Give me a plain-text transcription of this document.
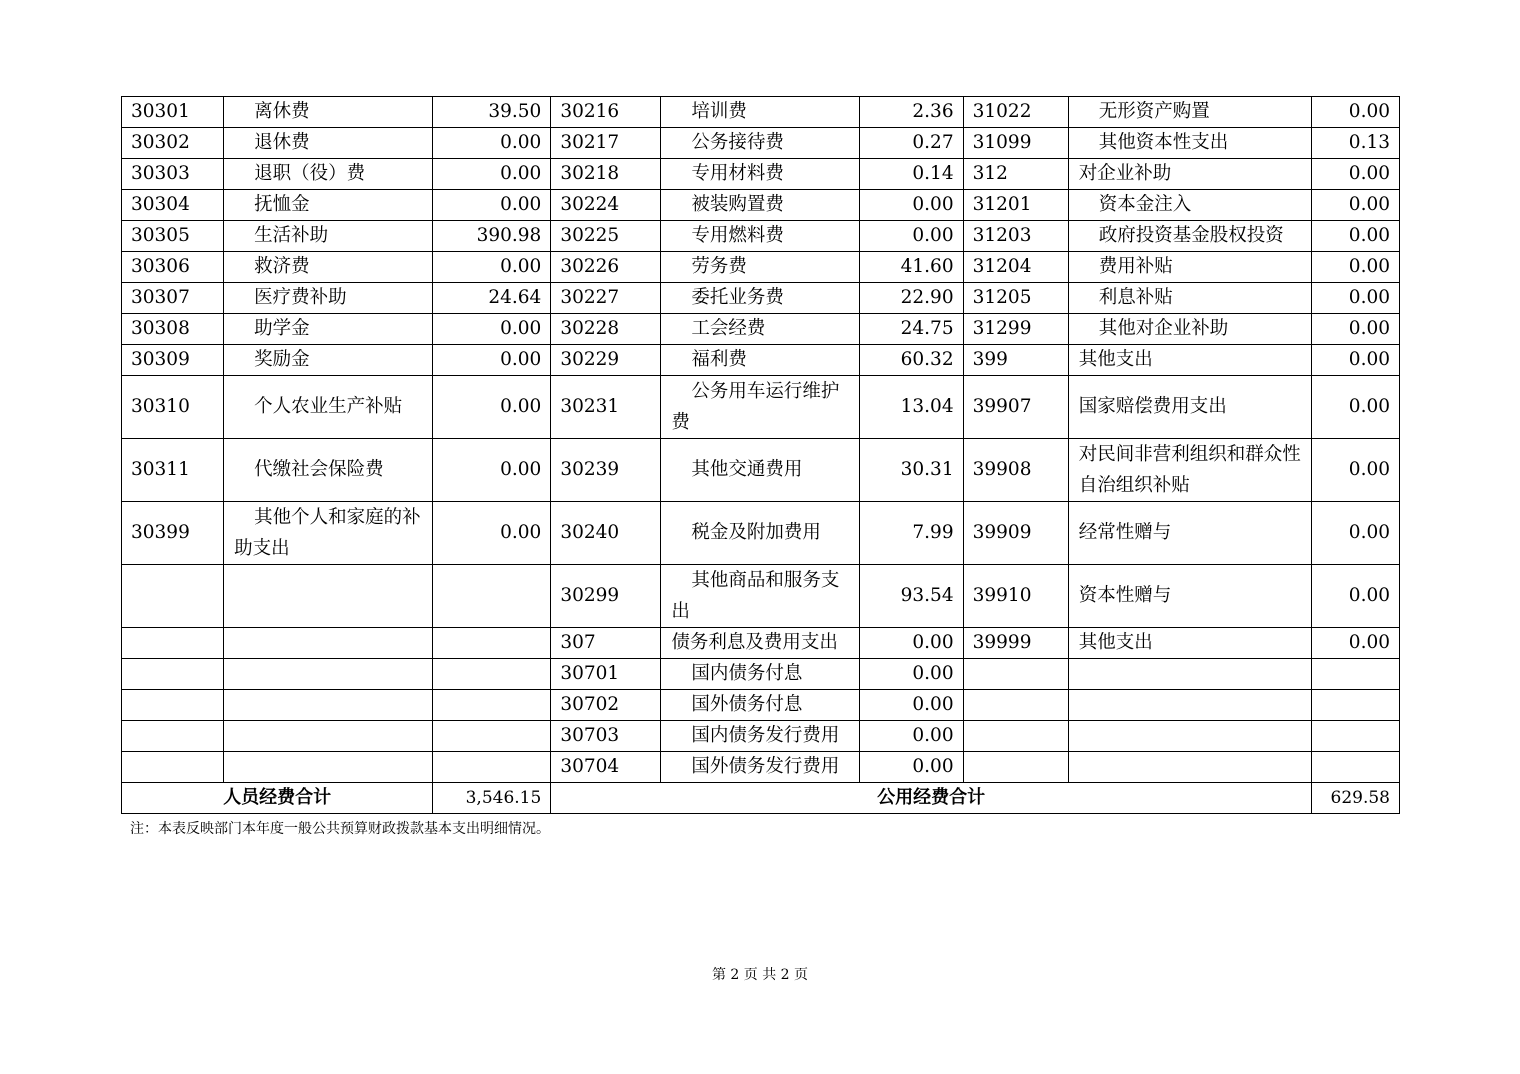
30301	离休费	39.50	30216	培训费	2.36	31022	无形资产购置	0.00
30302	退休费	0.00	30217	公务接待费	0.27	31099	其他资本性支出	0.13
30303	退职（役）费	0.00	30218	专用材料费	0.14	312	对企业补助	0.00
30304	抚恤金	0.00	30224	被装购置费	0.00	31201	资本金注入	0.00
30305	生活补助	390.98	30225	专用燃料费	0.00	31203	政府投资基金股权投资	0.00
30306	救济费	0.00	30226	劳务费	41.60	31204	费用补贴	0.00
30307	医疗费补助	24.64	30227	委托业务费	22.90	31205	利息补贴	0.00
30308	助学金	0.00	30228	工会经费	24.75	31299	其他对企业补助	0.00
30309	奖励金	0.00	30229	福利费	60.32	399	其他支出	0.00
30310	个人农业生产补贴	0.00	30231	公务用车运行维护费	13.04	39907	国家赔偿费用支出	0.00
30311	代缴社会保险费	0.00	30239	其他交通费用	30.31	39908	对民间非营利组织和群众性自治组织补贴	0.00
30399	其他个人和家庭的补助支出	0.00	30240	税金及附加费用	7.99	39909	经常性赠与	0.00
			30299	其他商品和服务支出	93.54	39910	资本性赠与	0.00
			307	债务利息及费用支出	0.00	39999	其他支出	0.00
			30701	国内债务付息	0.00			
			30702	国外债务付息	0.00			
			30703	国内债务发行费用	0.00			
			30704	国外债务发行费用	0.00			
人员经费合计		3,546.15	公用经费合计					629.58
注：本表反映部门本年度一般公共预算财政拨款基本支出明细情况。
第 2 页 共 2 页
